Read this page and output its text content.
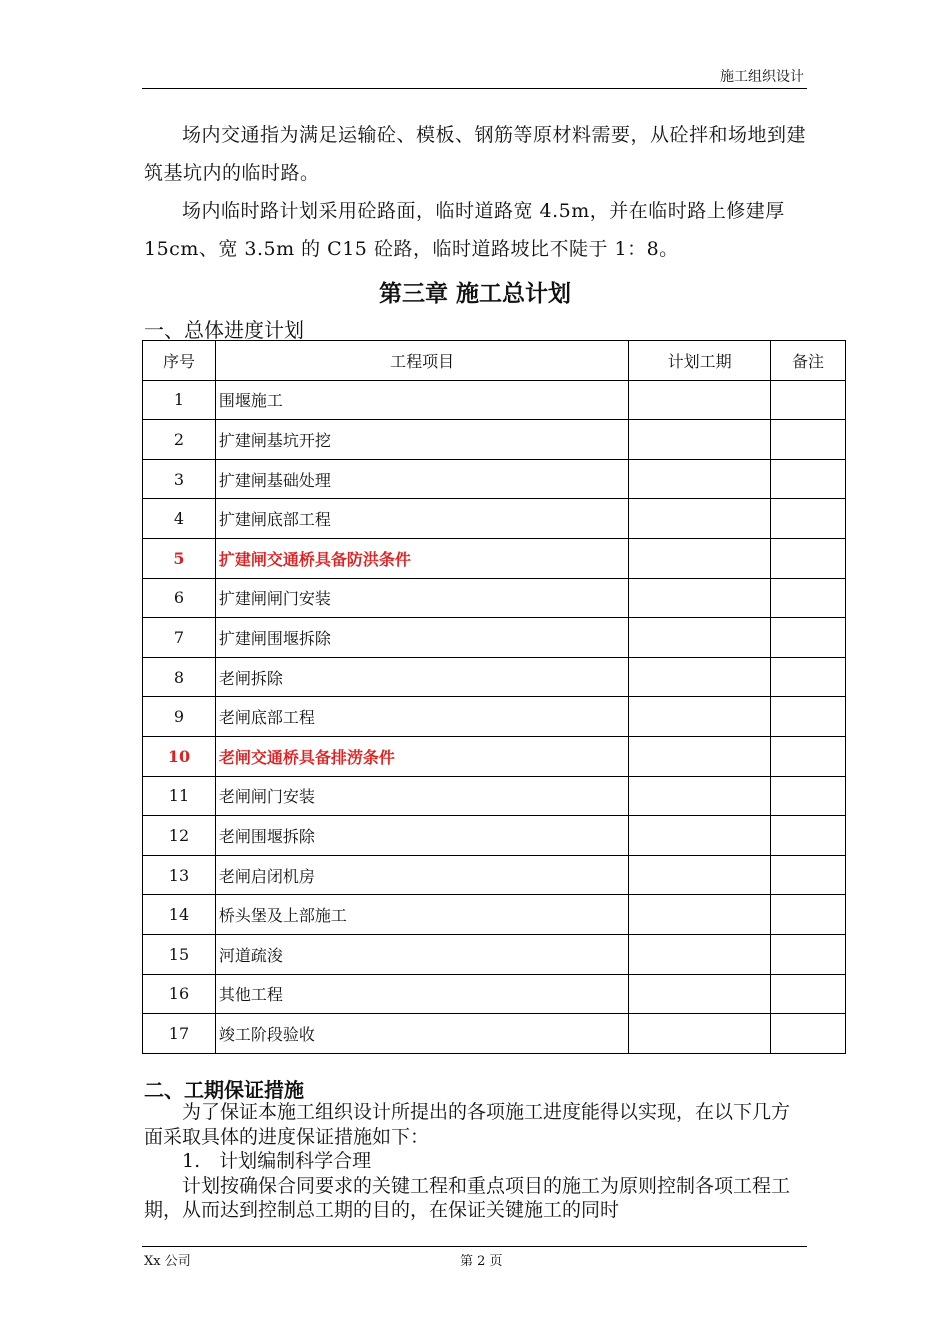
施工组织设计

场内交通指为满足运输砼、模板、钢筋等原材料需要，从砼拌和场地到建筑基坑内的临时路。

场内临时路计划采用砼路面，临时道路宽 4.5m，并在临时路上修建厚 15cm、宽 3.5m 的 C15 砼路，临时道路坡比不陡于 1：8。

第三章 施工总计划
一、总体进度计划
序号	工程项目	计划工期	备注
1	围堰施工		
2	扩建闸基坑开挖		
3	扩建闸基础处理		
4	扩建闸底部工程		
5	扩建闸交通桥具备防洪条件		
6	扩建闸闸门安装		
7	扩建闸围堰拆除		
8	老闸拆除		
9	老闸底部工程		
10	老闸交通桥具备排涝条件		
11	老闸闸门安装		
12	老闸围堰拆除		
13	老闸启闭机房		
14	桥头堡及上部施工		
15	河道疏浚		
16	其他工程		
17	竣工阶段验收		
二、工期保证措施

为了保证本施工组织设计所提出的各项施工进度能得以实现，在以下几方面采取具体的进度保证措施如下：

1.　计划编制科学合理

计划按确保合同要求的关键工程和重点项目的施工为原则控制各项工程工期，从而达到控制总工期的目的，在保证关键施工的同时

Xx 公司	第 2 页
